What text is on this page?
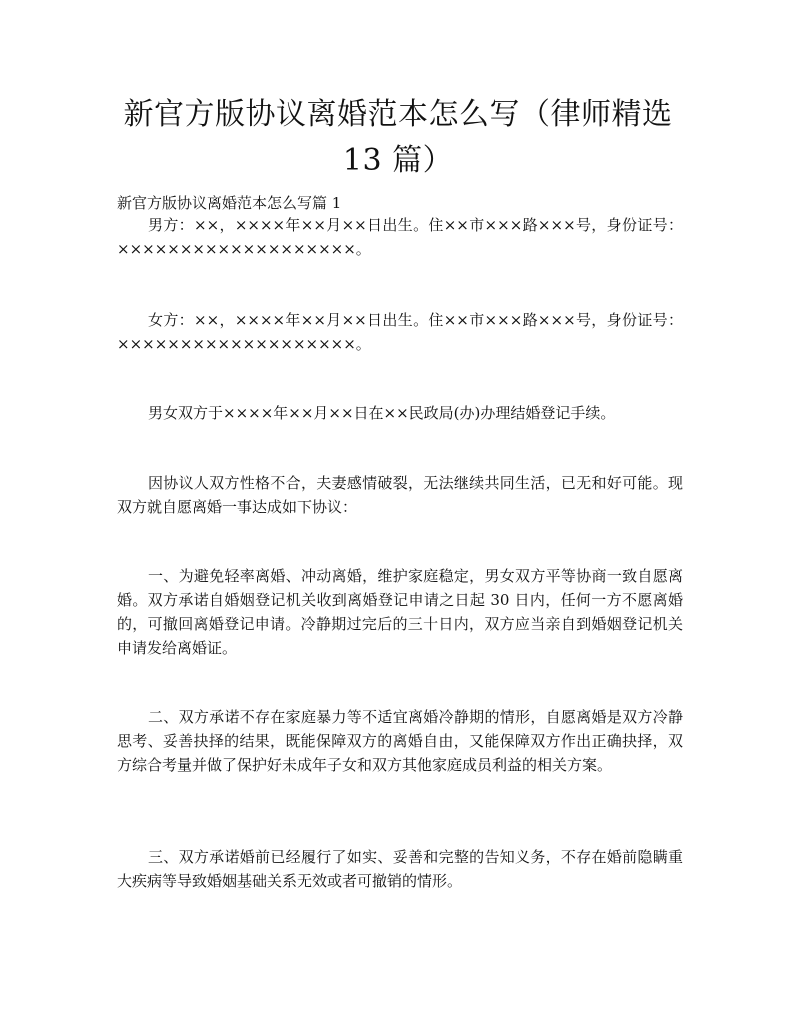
新官方版协议离婚范本怎么写（律师精选 13 篇）

新官方版协议离婚范本怎么写篇 1

男方：××，××××年××月××日出生。住××市×××路×××号，身份证号：×××××××××××××××××××。

女方：××，××××年××月××日出生。住××市×××路×××号，身份证号：×××××××××××××××××××。

男女双方于××××年××月××日在××民政局(办)办理结婚登记手续。

因协议人双方性格不合，夫妻感情破裂，无法继续共同生活，已无和好可能。现双方就自愿离婚一事达成如下协议：

一、为避免轻率离婚、冲动离婚，维护家庭稳定，男女双方平等协商一致自愿离婚。双方承诺自婚姻登记机关收到离婚登记申请之日起 30 日内，任何一方不愿离婚的，可撤回离婚登记申请。冷静期过完后的三十日内，双方应当亲自到婚姻登记机关申请发给离婚证。

二、双方承诺不存在家庭暴力等不适宜离婚冷静期的情形，自愿离婚是双方冷静思考、妥善抉择的结果，既能保障双方的离婚自由，又能保障双方作出正确抉择，双方综合考量并做了保护好未成年子女和双方其他家庭成员利益的相关方案。

三、双方承诺婚前已经履行了如实、妥善和完整的告知义务，不存在婚前隐瞒重大疾病等导致婚姻基础关系无效或者可撤销的情形。
